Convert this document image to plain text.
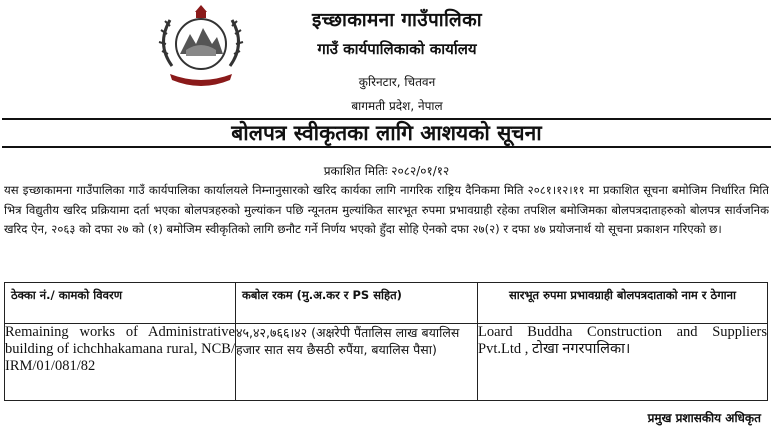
इच्छाकामना गाउँपालिका
गाउँ कार्यपालिकाको कार्यालय
कुरिनटार, चितवन
बागमती प्रदेश, नेपाल
बोलपत्र स्वीकृतका लागि आशयको सूचना
प्रकाशित मितिः २०८२/०१/१२
यस इच्छाकामना गाउँपालिका गाउँ कार्यपालिका कार्यालयले निम्नानुसारको खरिद कार्यका लागि नागरिक राष्ट्रिय दैनिकमा मिति २०८१।१२।११ मा प्रकाशित सूचना बमोजिम निर्धारित मिति भित्र विद्युतीय खरिद प्रक्रियामा दर्ता भएका बोलपत्रहरुको मुल्यांकन पछि न्यूनतम मुल्यांकित सारभूत रुपमा प्रभावग्राही रहेका तपशिल बमोजिमका बोलपत्रदाताहरुको बोलपत्र सार्वजनिक खरिद ऐन, २०६३ को दफा २७ को (१) बमोजिम स्वीकृतिको लागि छनौट गर्ने निर्णय भएको हुँदा सोहि ऐनको दफा २७(२) र दफा ४७ प्रयोजनार्थ यो सूचना प्रकाशन गरिएको छ।
ठेक्का नं./ कामको विवरण	कबोल रकम (मु.अ.कर र PS सहित)	सारभूत रुपमा प्रभावग्राही बोलपत्रदाताको नाम र ठेगाना
Remaining works of Administrative building of ichchhakamana rural, NCB/ IRM/01/081/82	४५,४२,७६६।४२ (अक्षरेपी पैंतालिस लाख बयालिस हजार सात सय छैसठी रुपैंया, बयालिस पैसा)	Loard Buddha Construction and Suppliers Pvt.Ltd , टोखा नगरपालिका।
प्रमुख प्रशासकीय अधिकृत
